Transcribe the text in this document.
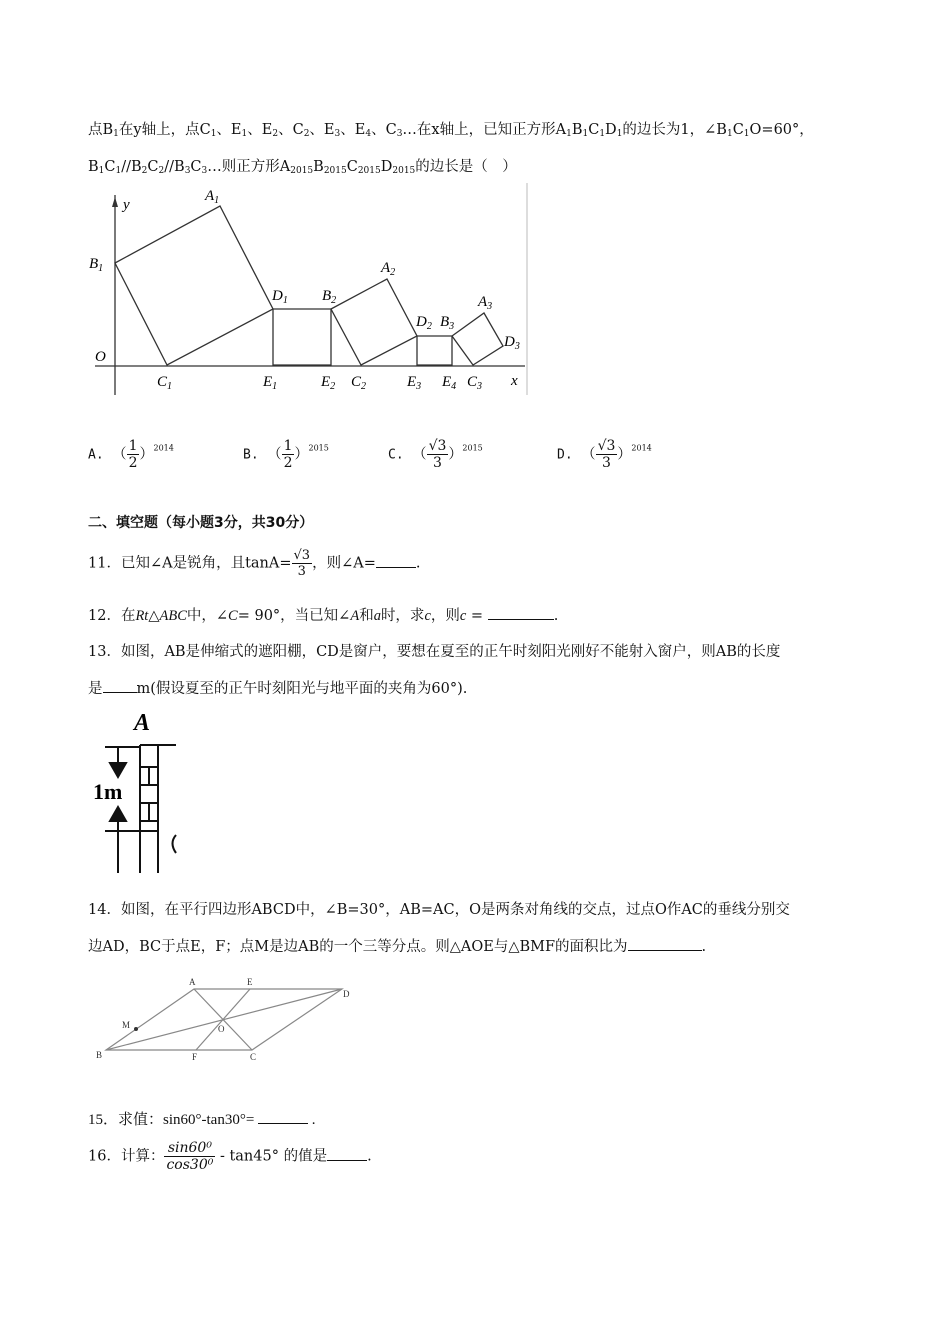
点$B_1$在y轴上，点$C_1$、$E_1$、$E_2$、$C_2$、$E_3$、$E_4$、$C_3\dots$在x轴上，已知正方形$A_1B_1C_1D_1$的边长为1，$\angle B_1C_1O=60^\circ$，
$B_1C_1//B_2C_2//B_3C_3\dots$则正方形$A_{2015}B_{2015}C_{2015}D_{2015}$的边长是（　）
y
x
O
$A_1$
$B_1$
$C_1$
$D_1$
$E_1$
$A_2$
$B_2$
$C_2$
$D_2$
$E_2$
$A_3$
$B_3$
$C_3$
$D_3$
$E_3$ $E_4$
A.  （ $\frac{1}{2} )^{2014}$	B.  （ $\frac{1}{2} )^{2015}$	C.  （ $\frac{√3}{3} )^{2015}$	D.  （ $\frac{√3}{3} )^{2014}$
二、填空题（每小题3分，共30分）
11．已知∠A是锐角，且$\tan A= \frac{√3}{3}$ ，则∠A=	.
12．在Rt△ABC中，∠C= 90°，当已知∠A和a时，求c，则c =	.
13．如图，AB是伸缩式的遮阳棚，CD是窗户，要想在夏至的正午时刻阳光刚好不能射入窗户，则AB的长度
是 m(假设夏至的正午时刻阳光与地平面的夹角为60°).
A
1m
14．如图，在平行四边形ABCD中，∠B=30°，AB=AC，O是两条对角线的交点，过点O作AC的垂线分别交
边AD，BC于点E，F；点M是边AB的一个三等分点。则△AOE与△BMF的面积比为	.
A	E
D
M	O
B	F	C
15．求值：sin60°-tan30°=	.
16．计算： $\frac{\text{sin60⁰}}{\text{cos30⁰}} - \tan 45^\circ$ 的值是	.
